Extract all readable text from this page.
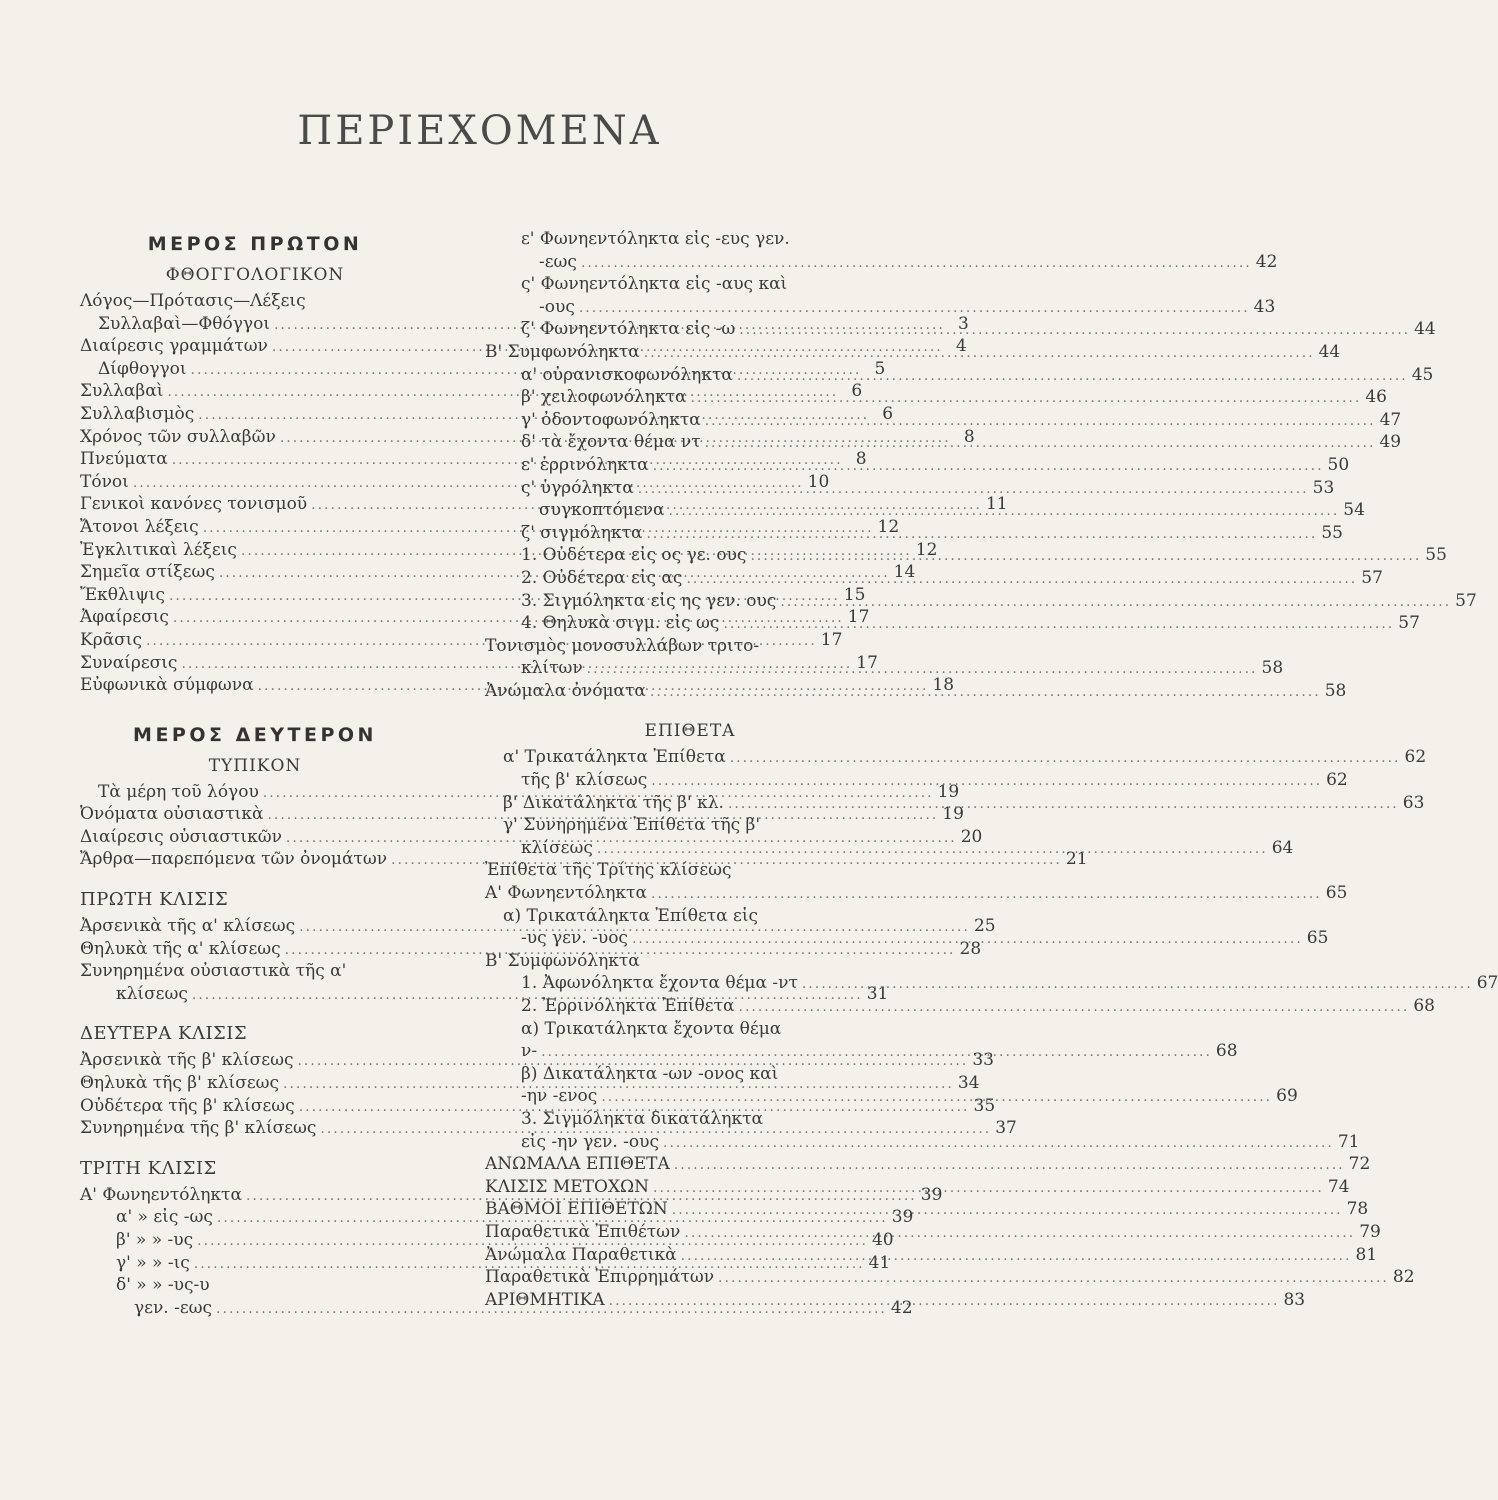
ΠΕΡΙΕΧΟΜΕΝΑ
ΜΕΡΟΣ ΠΡΩΤΟΝ
ΦΘΟΓΓΟΛΟΓΙΚΟΝ
Λόγος—Πρότασις—Λέξεις
Συλλαβαὶ—Φθόγγοι .....	3
Διαίρεσις γραμμάτων .....	4
Δίφθογγοι .....	5
Συλλαβαὶ .....	6
Συλλαβισμὸς .....	6
Χρόνος τῶν συλλαβῶν .....	8
Πνεύματα .....	8
Τόνοι .....	10
Γενικοὶ κανόνες τονισμοῦ .....	11
Ἄτονοι λέξεις .....	12
Ἐγκλιτικαὶ λέξεις .....	12
Σημεῖα στίξεως .....	14
Ἔκθλιψις .....	15
Ἀφαίρεσις .....	17
Κρᾶσις .....	17
Συναίρεσις .....	17
Εὐφωνικὰ σύμφωνα .....	18
ΜΕΡΟΣ ΔΕΥΤΕΡΟΝ
ΤΥΠΙΚΟΝ
Τὰ μέρη τοῦ λόγου .....	19
Ὀνόματα οὐσιαστικὰ .....	19
Διαίρεσις οὐσιαστικῶν .....	20
Ἄρθρα—παρεπόμενα τῶν ὀνομάτων .....	21
ΠΡΩΤΗ ΚΛΙΣΙΣ
Ἀρσενικὰ τῆς α' κλίσεως .....	25
Θηλυκὰ τῆς α' κλίσεως .....	28
Συνηρημένα οὐσιαστικὰ τῆς α'
κλίσεως .....	31
ΔΕΥΤΕΡΑ ΚΛΙΣΙΣ
Ἀρσενικὰ τῆς β' κλίσεως .....	33
Θηλυκὰ τῆς β' κλίσεως .....	34
Οὐδέτερα τῆς β' κλίσεως .....	35
Συνηρημένα τῆς β' κλίσεως .....	37
ΤΡΙΤΗ ΚΛΙΣΙΣ
Α' Φωνηεντόληκτα .....	39
α' » εἰς -ως .....	39
β' » » -υς .....	40
γ' » » -ις .....	41
δ' » » -υς-υ
γεν. -εως .....	42
ε' Φωνηεντόληκτα εἰς -ευς γεν.
-εως .....	42
ς' Φωνηεντόληκτα εἰς -αυς καὶ
-ους .....	43
ζ' Φωνηεντόληκτα εἰς -ω .....	44
Β' Συμφωνόληκτα .....	44
α' οὐρανισκοφωνόληκτα .....	45
β' χειλοφωνόληκτα .....	46
γ' ὀδοντοφωνόληκτα .....	47
δ' τὰ ἔχοντα θέμα ντ .....	49
ε' ἐρρινόληκτα .....	50
ς' ὑγρόληκτα .....	53
συγκοπτόμενα .....	54
ζ' σιγμόληκτα .....	55
1. Οὐδέτερα εἰς ος γε. ους .....	55
2. Οὐδέτερα εἰς ας .....	57
3. Σιγμόληκτα εἰς ης γεν. ους .....	57
4. Θηλυκὰ σιγμ. εἰς ως .....	57
Τονισμὸς μονοσυλλάβων τριτο-
κλίτων .....	58
Ἀνώμαλα ὀνόματα .....	58
ΕΠΙΘΕΤΑ
α' Τρικατάληκτα Ἐπίθετα .....	62
τῆς β' κλίσεως .....	62
β' Δικατάληκτα τῆς β' κλ. .....	63
γ' Συνηρημένα Ἐπίθετα τῆς β'
κλίσεως .....	64
Ἐπίθετα τῆς Τρίτης κλίσεως
Α' Φωνηεντόληκτα .....	65
α) Τρικατάληκτα Ἐπίθετα εἰς
-υς γεν. -υος .....	65
Β' Συμφωνόληκτα
1. Ἀφωνόληκτα ἔχοντα θέμα -ντ .....	67
2. Ἐρρινόληκτα Ἐπίθετα .....	68
α) Τρικατάληκτα ἔχοντα θέμα
ν- .....	68
β) Δικατάληκτα -ων -ονος καὶ
-ην -ενος .....	69
3. Σιγμόληκτα δικατάληκτα
εἰς -ην γεν. -ους .....	71
ΑΝΩΜΑΛΑ ΕΠΙΘΕΤΑ .....	72
ΚΛΙΣΙΣ ΜΕΤΟΧΩΝ .....	74
ΒΑΘΜΟΙ ΕΠΙΘΕΤΩΝ .....	78
Παραθετικὰ Ἐπιθέτων .....	79
Ἀνώμαλα Παραθετικὰ .....	81
Παραθετικὰ Ἐπιρρημάτων .....	82
ΑΡΙΘΜΗΤΙΚΑ .....	83
